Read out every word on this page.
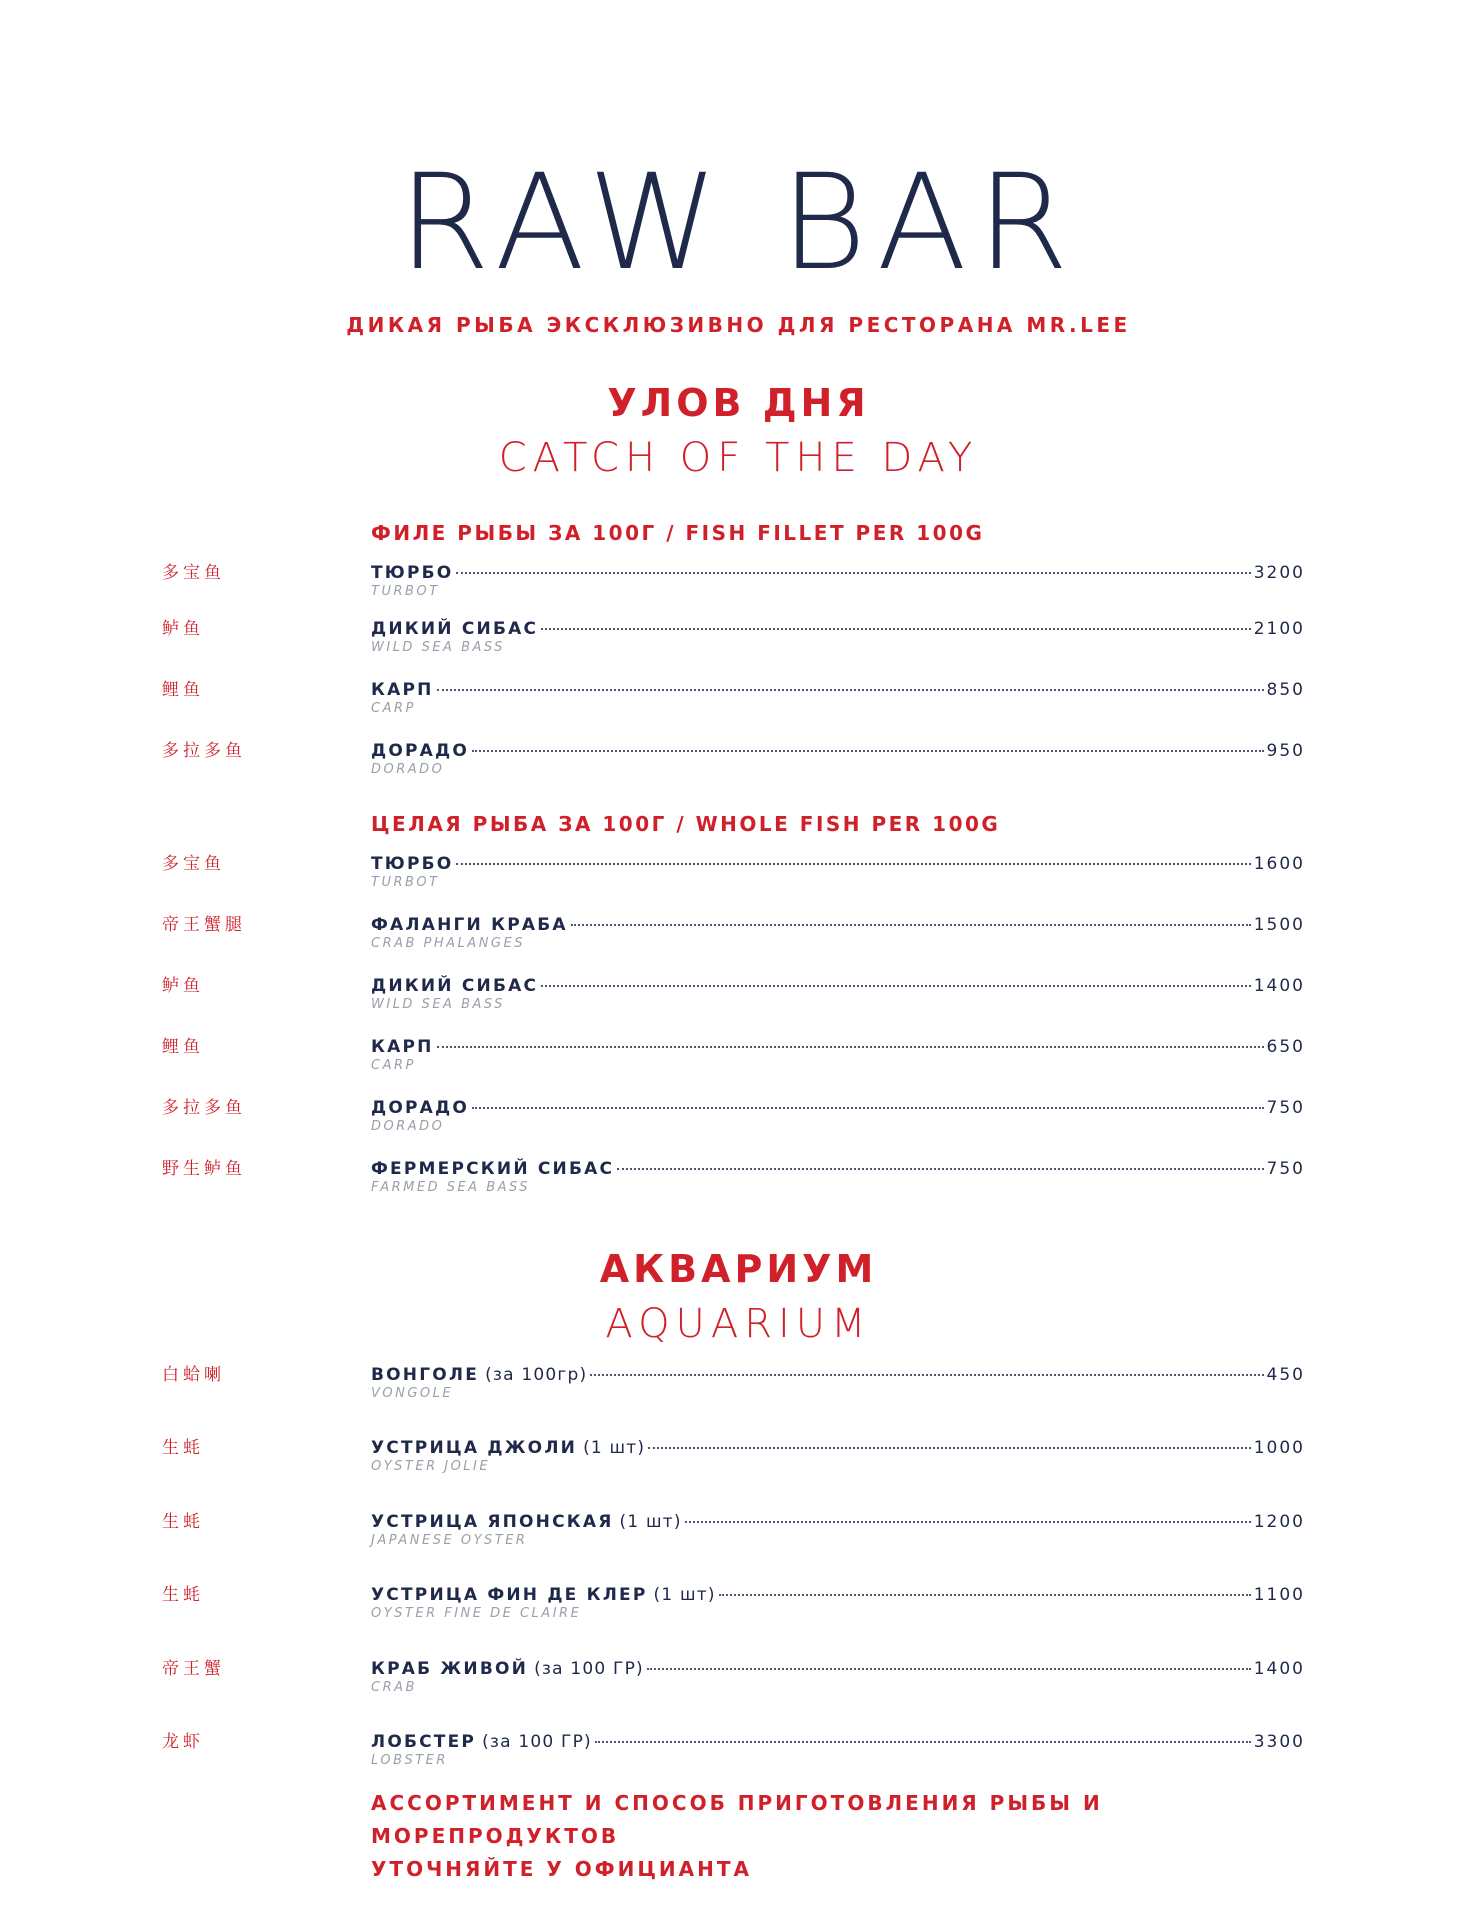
RAW BAR
ДИКАЯ РЫБА ЭКСКЛЮЗИВНО ДЛЯ РЕСТОРАНА MR.LEE
УЛОВ ДНЯ
CATCH OF THE DAY
ФИЛЕ РЫБЫ ЗА 100Г / FISH FILLET PER 100G
多宝鱼	ТЮРБО	3200
TURBOT
鲈鱼	ДИКИЙ СИБАС	2100
WILD SEA BASS
鲤鱼	КАРП	850
CARP
多拉多鱼	ДОРАДО	950
DORADO
ЦЕЛАЯ РЫБА ЗА 100Г / WHOLE FISH PER 100G
多宝鱼	ТЮРБО	1600
TURBOT
帝王蟹腿	ФАЛАНГИ КРАБА	1500
CRAB PHALANGES
鲈鱼	ДИКИЙ СИБАС	1400
WILD SEA BASS
鲤鱼	КАРП	650
CARP
多拉多鱼	ДОРАДО	750
DORADO
野生鲈鱼	ФЕРМЕРСКИЙ СИБАС	750
FARMED SEA BASS
АКВАРИУМ
AQUARIUM
白蛤喇	ВОНГОЛЕ (за 100гр)	450
VONGOLE
生蚝	УСТРИЦА ДЖОЛИ (1 шт)	1000
OYSTER JOLIE
生蚝	УСТРИЦА ЯПОНСКАЯ (1 шт)	1200
JAPANESE OYSTER
生蚝	УСТРИЦА ФИН ДЕ КЛЕР (1 шт)	1100
OYSTER FINE DE CLAIRE
帝王蟹	КРАБ ЖИВОЙ (за 100 ГР)	1400
CRAB
龙虾	ЛОБСТЕР (за 100 ГР)	3300
LOBSTER
АССОРТИМЕНТ И СПОСОБ ПРИГОТОВЛЕНИЯ РЫБЫ И МОРЕПРОДУКТОВ
УТОЧНЯЙТЕ У ОФИЦИАНТА
